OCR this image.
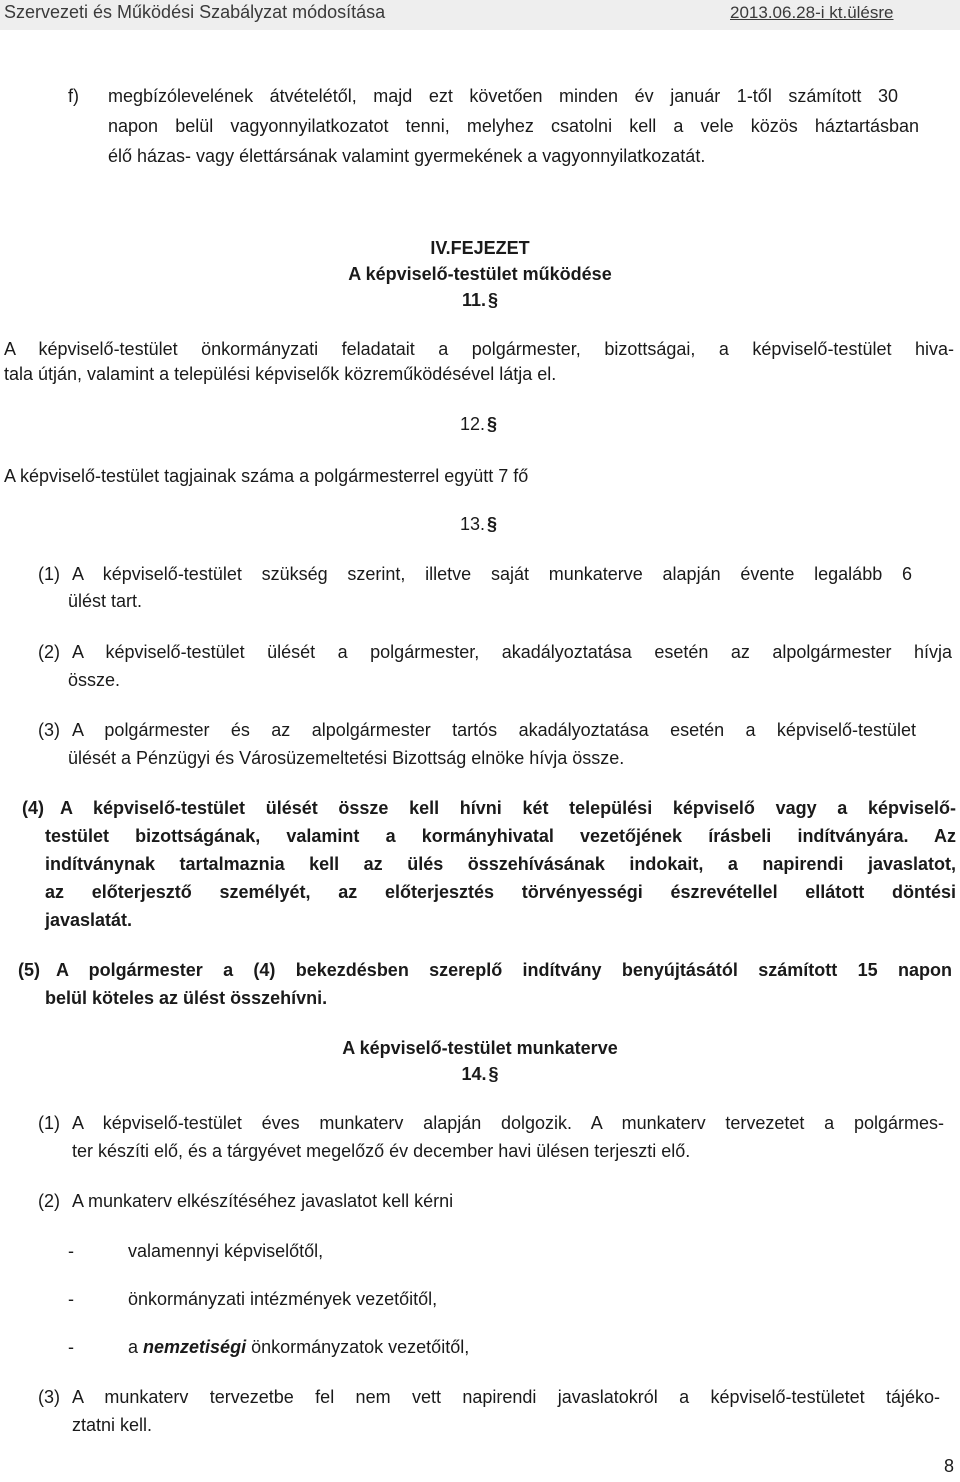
Szervezeti és Működési Szabályzat módosítása	2013.06.28-i kt.ülésre
f) megbízólevelének átvételétől, majd ezt követően minden év január 1-től számított 30
napon belül vagyonnyilatkozatot tenni, melyhez csatolni kell a vele közös háztartásban
élő házas- vagy élettársának valamint gyermekének a vagyonnyilatkozatát.
IV.FEJEZET
A képviselő-testület működése
11. §
A képviselő-testület önkormányzati feladatait a polgármester, bizottságai, a képviselő-testület hiva-
tala útján, valamint a települési képviselők közreműködésével látja el.
12. §
A képviselő-testület tagjainak száma a polgármesterrel együtt 7 fő
13. §
(1) A képviselő-testület szükség szerint, illetve saját munkaterve alapján évente legalább 6
ülést tart.
(2) A képviselő-testület ülését a polgármester, akadályoztatása esetén az alpolgármester hívja
össze.
(3) A polgármester és az alpolgármester tartós akadályoztatása esetén a képviselő-testület
ülését a Pénzügyi és Városüzemeltetési Bizottság elnöke hívja össze.
(4) A képviselő-testület ülését össze kell hívni két települési képviselő vagy a képviselő-
testület bizottságának, valamint a kormányhivatal vezetőjének írásbeli indítványára. Az
indítványnak tartalmaznia kell az ülés összehívásának indokait, a napirendi javaslatot,
az előterjesztő személyét, az előterjesztés törvényességi észrevétellel ellátott döntési
javaslatát.
(5) A polgármester a (4) bekezdésben szereplő indítvány benyújtásától számított 15 napon
belül köteles az ülést összehívni.
A képviselő-testület munkaterve
14. §
(1) A képviselő-testület éves munkaterv alapján dolgozik. A munkaterv tervezetet a polgármes-
ter készíti elő, és a tárgyévet megelőző év december havi ülésen terjeszti elő.
(2) A munkaterv elkészítéséhez javaslatot kell kérni
-	valamennyi képviselőtől,
-	önkormányzati intézmények vezetőitől,
-	a nemzetiségi önkormányzatok vezetőitől,
(3) A munkaterv tervezetbe fel nem vett napirendi javaslatokról a képviselő-testületet tájéko-
ztatni kell.
8
